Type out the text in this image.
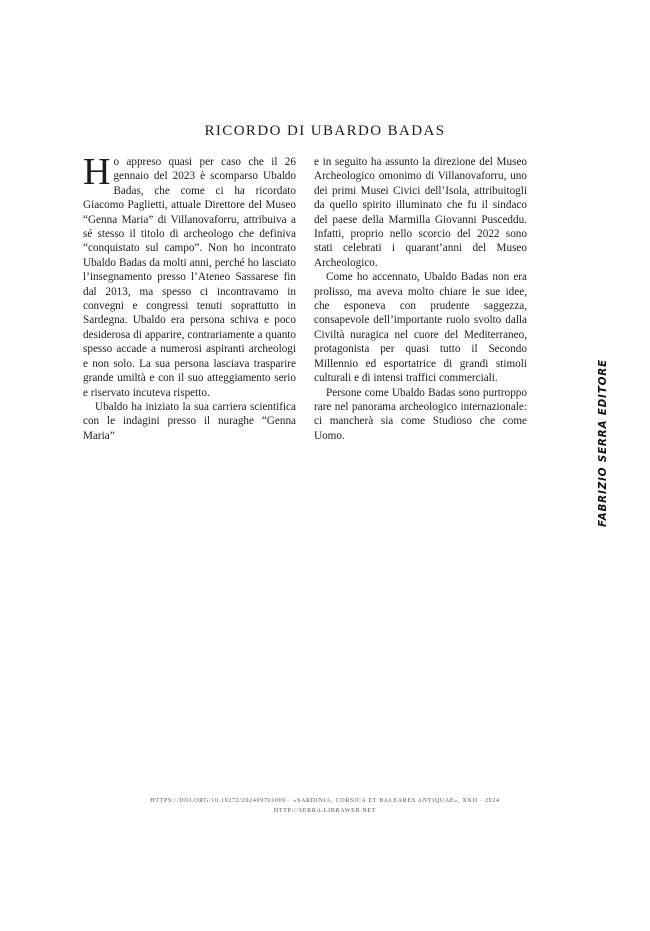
RICORDO DI UBARDO BADAS

Ho appreso quasi per caso che il 26 gennaio del 2023 è scomparso Ubaldo Badas, che come ci ha ricordato Giacomo Paglietti, attuale Direttore del Museo “Genna Maria” di Villanovaforru, attribuiva a sé stesso il titolo di archeologo che definiva “conquistato sul campo”. Non ho incontrato Ubaldo Badas da molti anni, perché ho lasciato l’insegnamento presso l’Ateneo Sassarese fin dal 2013, ma spesso ci incontravamo in convegni e congressi tenuti soprattutto in Sardegna. Ubaldo era persona schiva e poco desiderosa di apparire, contrariamente a quanto spesso accade a numerosi aspiranti archeologi e non solo. La sua persona lasciava trasparire grande umiltà e con il suo atteggiamento serio e riservato incuteva rispetto.

Ubaldo ha iniziato la sua carriera scientifica con le indagini presso il nuraghe “Genna Maria”

e in seguito ha assunto la direzione del Museo Archeologico omonimo di Villanovaforru, uno dei primi Musei Civici dell’Isola, attribuitogli da quello spirito illuminato che fu il sindaco del paese della Marmilla Giovanni Pusceddu. Infatti, proprio nello scorcio del 2022 sono stati celebrati i quarant’anni del Museo Archeologico.

Come ho accennato, Ubaldo Badas non era prolisso, ma aveva molto chiare le sue idee, che esponeva con prudente saggezza, consapevole dell’importante ruolo svolto dalla Civiltà nuragica nel cuore del Mediterraneo, protagonista per quasi tutto il Secondo Millennio ed esportatrice di grandi stimoli culturali e di intensi traffici commerciali.

Persone come Ubaldo Badas sono purtroppo rare nel panorama archeologico internazionale: ci mancherà sia come Studioso che come Uomo.	FABRIZIO SERRA EDITORE
HTTPS://DOI.ORG/10.19272/202409701006 · «SARDINIA, CORSICA ET BALEARES ANTIQUAE», XXII · 2024
HTTP://SERRA.LIBRAWEB.NET
